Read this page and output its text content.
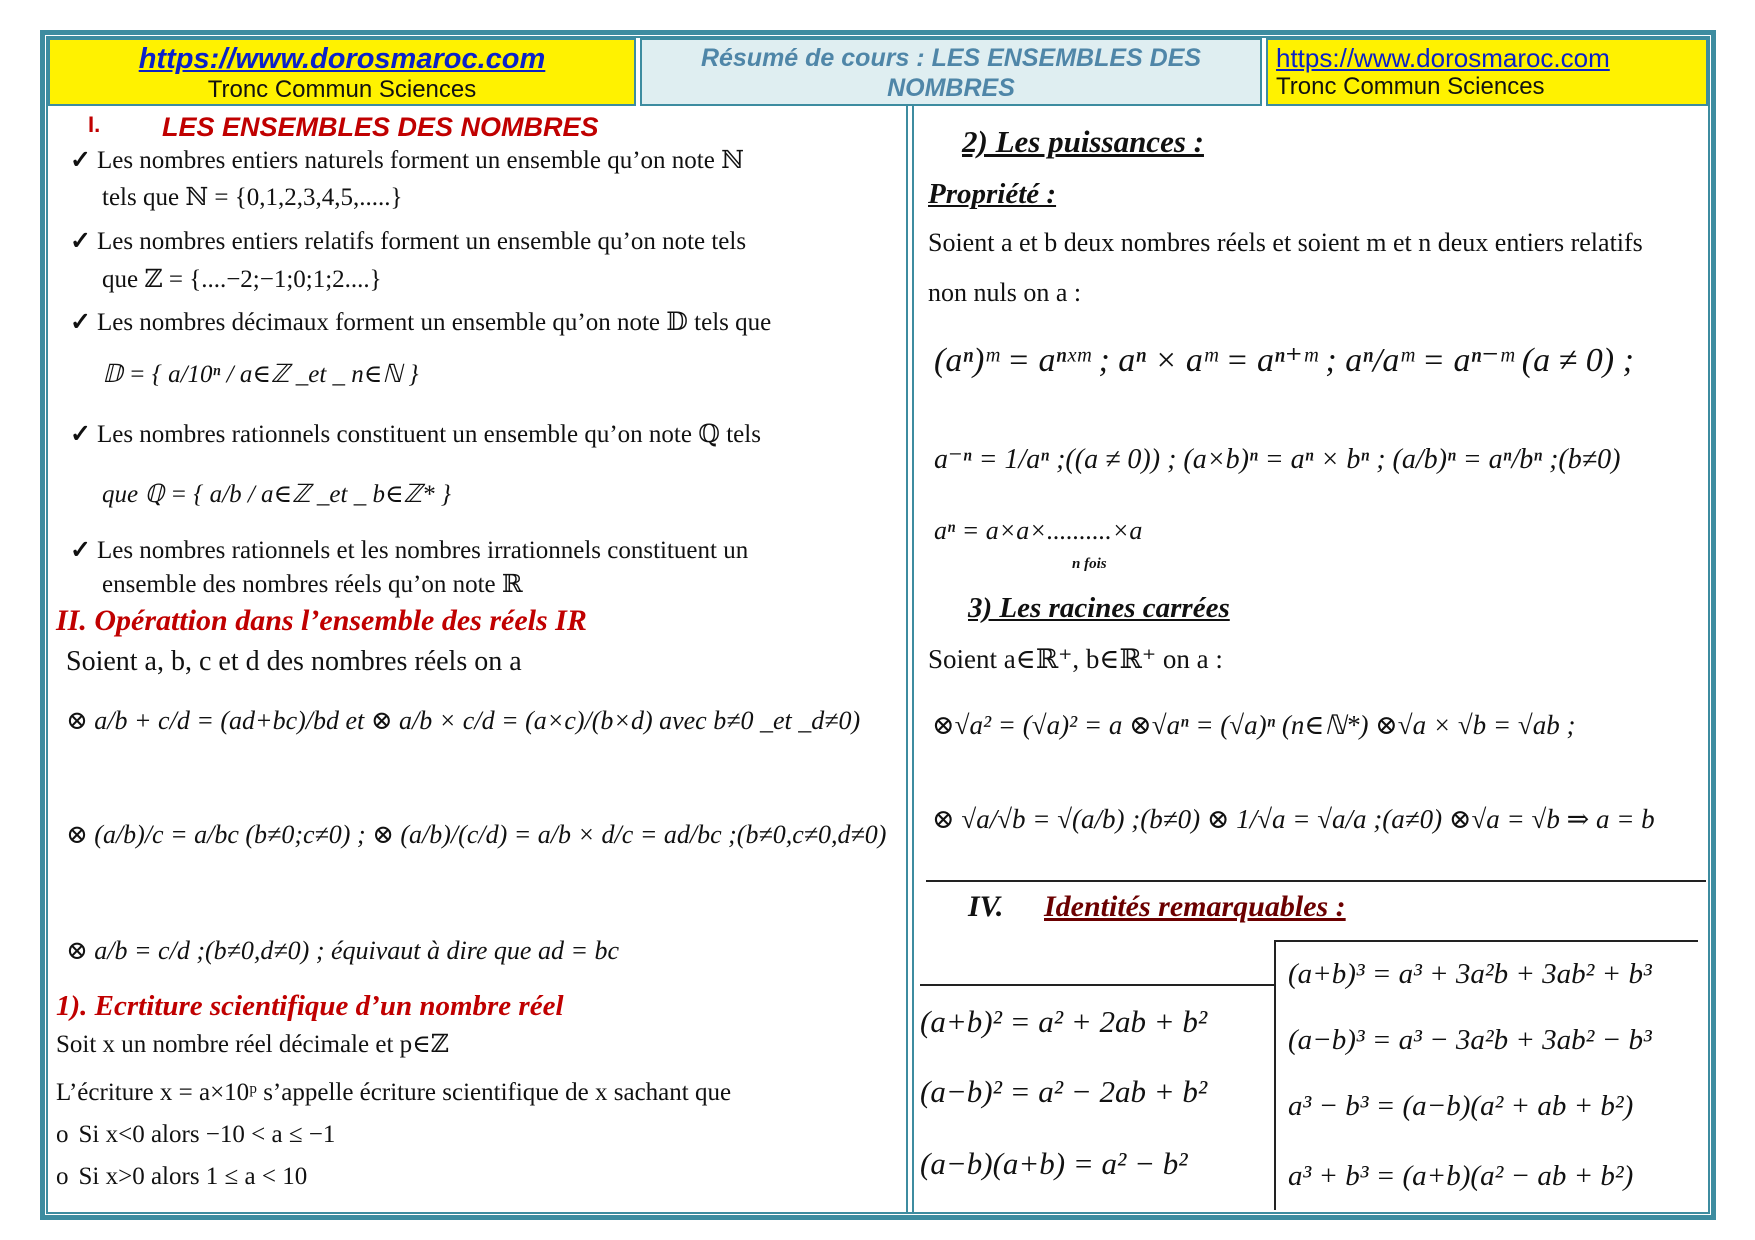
https://www.dorosmaroc.com
Tronc Commun Sciences
Résumé de cours : LES ENSEMBLES DES
NOMBRES
https://www.dorosmaroc.com
Tronc Commun Sciences
I. LES ENSEMBLES DES NOMBRES
✓ Les nombres entiers naturels forment un ensemble qu’on note ℕ
tels que ℕ = {0,1,2,3,4,5,.....}
✓ Les nombres entiers relatifs forment un ensemble qu’on note tels
que ℤ = {....−2;−1;0;1;2....}
✓ Les nombres décimaux forment un ensemble qu’on note 𝔻 tels que
𝔻 = { a/10ⁿ / a∈ℤ _et _ n∈ℕ }
✓ Les nombres rationnels constituent un ensemble qu’on note ℚ tels
que ℚ = { a/b / a∈ℤ _et _ b∈ℤ* }
✓ Les nombres rationnels et les nombres irrationnels constituent un
ensemble des nombres réels qu’on note ℝ
II. Opérattion dans l’ensemble des réels IR
Soient a, b, c et d des nombres réels on a
⊗ a/b + c/d = (ad+bc)/bd et ⊗ a/b × c/d = (a×c)/(b×d) avec b≠0 _et _d≠0)
⊗ (a/b)/c = a/bc (b≠0;c≠0) ; ⊗ (a/b)/(c/d) = a/b × d/c = ad/bc ;(b≠0,c≠0,d≠0)
⊗ a/b = c/d ;(b≠0,d≠0) ; équivaut à dire que ad = bc
1). Ecrtiture scientifique d’un nombre réel
Soit x un nombre réel décimale et p∈ℤ
L’écriture x = a×10ᵖ s’appelle écriture scientifique de x sachant que
o Si x<0 alors −10 < a ≤ −1
o Si x>0 alors 1 ≤ a < 10
2) Les puissances :
Propriété :
Soient a et b deux nombres réels et soient m et n deux entiers relatifs
non nuls on a :
(aⁿ)ᵐ = aⁿˣᵐ ; aⁿ × aᵐ = aⁿ⁺ᵐ ; aⁿ/aᵐ = aⁿ⁻ᵐ (a ≠ 0) ;
a⁻ⁿ = 1/aⁿ ;((a ≠ 0)) ; (a×b)ⁿ = aⁿ × bⁿ ; (a/b)ⁿ = aⁿ/bⁿ ;(b≠0)
aⁿ = a×a×..........×a
n fois
3) Les racines carrées
Soient a∈ℝ⁺, b∈ℝ⁺ on a :
⊗√a² = (√a)² = a ⊗√aⁿ = (√a)ⁿ (n∈ℕ*) ⊗√a × √b = √ab ;
⊗ √a/√b = √(a/b) ;(b≠0) ⊗ 1/√a = √a/a ;(a≠0) ⊗√a = √b ⇒ a = b
IV. Identités remarquables :
(a+b)² = a² + 2ab + b²
(a−b)² = a² − 2ab + b²
(a−b)(a+b) = a² − b²
(a+b)³ = a³ + 3a²b + 3ab² + b³
(a−b)³ = a³ − 3a²b + 3ab² − b³
a³ − b³ = (a−b)(a² + ab + b²)
a³ + b³ = (a+b)(a² − ab + b²)
